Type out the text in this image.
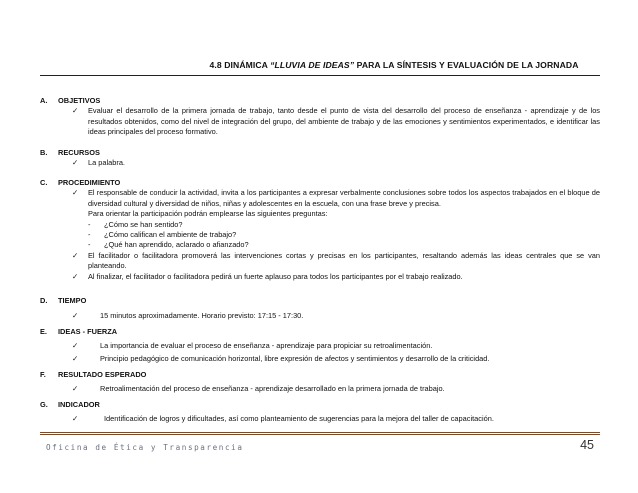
4.8 DINÁMICA “LLUVIA DE IDEAS” PARA LA SÍNTESIS Y EVALUACIÓN DE LA JORNADA
A. OBJETIVOS
✓ Evaluar el desarrollo de la primera jornada de trabajo, tanto desde el punto de vista del desarrollo del proceso de enseñanza - aprendizaje y de los resultados obtenidos, como del nivel de integración del grupo, del ambiente de trabajo y de las emociones y sentimientos experimentados, e identificar las ideas principales del proceso formativo.
B. RECURSOS
✓ La palabra.
C. PROCEDIMIENTO
✓ El responsable de conducir la actividad, invita a los participantes a expresar verbalmente conclusiones sobre todos los aspectos trabajados en el bloque de diversidad cultural y diversidad de niños, niñas y adolescentes en la escuela, con una frase breve y precisa.
Para orientar la participación podrán emplearse las siguientes preguntas:
- ¿Cómo se han sentido?
- ¿Cómo califican el ambiente de trabajo?
- ¿Qué han aprendido, aclarado o afianzado?
✓ El facilitador o facilitadora promoverá las intervenciones cortas y precisas en los participantes, resaltando además las ideas centrales que se van planteando.
✓ Al finalizar, el facilitador o facilitadora pedirá un fuerte aplauso para todos los participantes por el trabajo realizado.
D. TIEMPO
✓	15 minutos aproximadamente. Horario previsto: 17:15 - 17:30.
E. IDEAS - FUERZA
✓	La importancia de evaluar el proceso de enseñanza - aprendizaje para propiciar su retroalimentación.
✓	Principio pedagógico de comunicación horizontal, libre expresión de afectos y sentimientos y desarrollo de la criticidad.
F. RESULTADO ESPERADO
✓	Retroalimentación del proceso de enseñanza - aprendizaje desarrollado en la primera jornada de trabajo.
G. INDICADOR
✓	Identificación de logros y dificultades, así como planteamiento de sugerencias para la mejora del taller de capacitación.
Oficina de Ética y Transparencia	45
